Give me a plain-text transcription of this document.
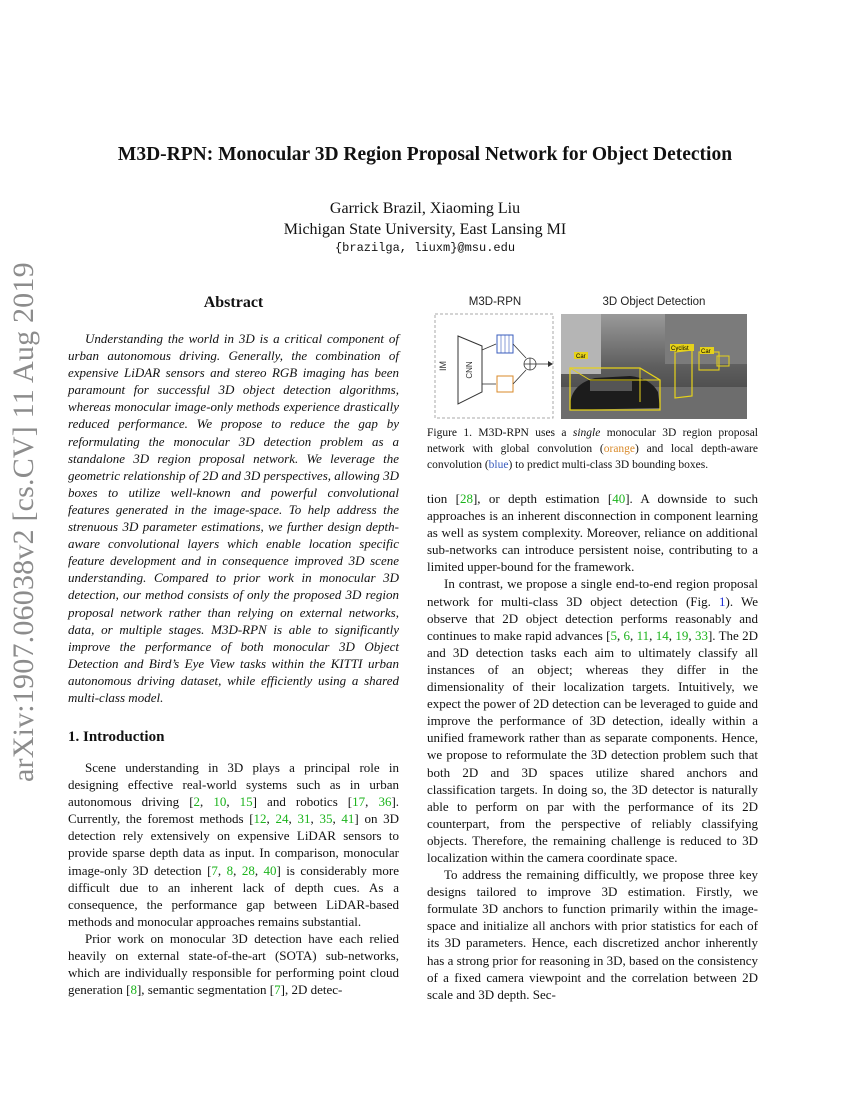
arXiv:1907.06038v2 [cs.CV] 11 Aug 2019
M3D-RPN: Monocular 3D Region Proposal Network for Object Detection
Garrick Brazil, Xiaoming Liu
Michigan State University, East Lansing MI
{brazilga, liuxm}@msu.edu
Abstract
Understanding the world in 3D is a critical component of urban autonomous driving. Generally, the combination of expensive LiDAR sensors and stereo RGB imaging has been paramount for successful 3D object detection algorithms, whereas monocular image-only methods experience drastically reduced performance. We propose to reduce the gap by reformulating the monocular 3D detection problem as a standalone 3D region proposal network. We leverage the geometric relationship of 2D and 3D perspectives, allowing 3D boxes to utilize well-known and powerful convolutional features generated in the image-space. To help address the strenuous 3D parameter estimations, we further design depth-aware convolutional layers which enable location specific feature development and in consequence improved 3D scene understanding. Compared to prior work in monocular 3D detection, our method consists of only the proposed 3D region proposal network rather than relying on external networks, data, or multiple stages. M3D-RPN is able to significantly improve the performance of both monocular 3D Object Detection and Bird’s Eye View tasks within the KITTI urban autonomous driving dataset, while efficiently using a shared multi-class model.
1. Introduction

Scene understanding in 3D plays a principal role in designing effective real-world systems such as in urban autonomous driving [2, 10, 15] and robotics [17, 36]. Currently, the foremost methods [12, 24, 31, 35, 41] on 3D detection rely extensively on expensive LiDAR sensors to provide sparse depth data as input. In comparison, monocular image-only 3D detection [7, 8, 28, 40] is considerably more difficult due to an inherent lack of depth cues. As a consequence, the performance gap between LiDAR-based methods and monocular approaches remains substantial.

Prior work on monocular 3D detection have each relied heavily on external state-of-the-art (SOTA) sub-networks, which are individually responsible for performing point cloud generation [8], semantic segmentation [7], 2D detec-

M3D-RPN	3D Object Detection
IM CNN
Car
Cyclist Car
Figure 1. M3D-RPN uses a single monocular 3D region proposal network with global convolution (orange) and local depth-aware convolution (blue) to predict multi-class 3D bounding boxes.

tion [28], or depth estimation [40]. A downside to such approaches is an inherent disconnection in component learning as well as system complexity. Moreover, reliance on additional sub-networks can introduce persistent noise, contributing to a limited upper-bound for the framework.

In contrast, we propose a single end-to-end region proposal network for multi-class 3D object detection (Fig. 1). We observe that 2D object detection performs reasonably and continues to make rapid advances [5, 6, 11, 14, 19, 33]. The 2D and 3D detection tasks each aim to ultimately classify all instances of an object; whereas they differ in the dimensionality of their localization targets. Intuitively, we expect the power of 2D detection can be leveraged to guide and improve the performance of 3D detection, ideally within a unified framework rather than as separate components. Hence, we propose to reformulate the 3D detection problem such that both 2D and 3D spaces utilize shared anchors and classification targets. In doing so, the 3D detector is naturally able to perform on par with the performance of its 2D counterpart, from the perspective of reliably classifying objects. Therefore, the remaining challenge is reduced to 3D localization within the camera coordinate space.

To address the remaining difficultly, we propose three key designs tailored to improve 3D estimation. Firstly, we formulate 3D anchors to function primarily within the image-space and initialize all anchors with prior statistics for each of its 3D parameters. Hence, each discretized anchor inherently has a strong prior for reasoning in 3D, based on the consistency of a fixed camera viewpoint and the correlation between 2D scale and 3D depth. Sec-
